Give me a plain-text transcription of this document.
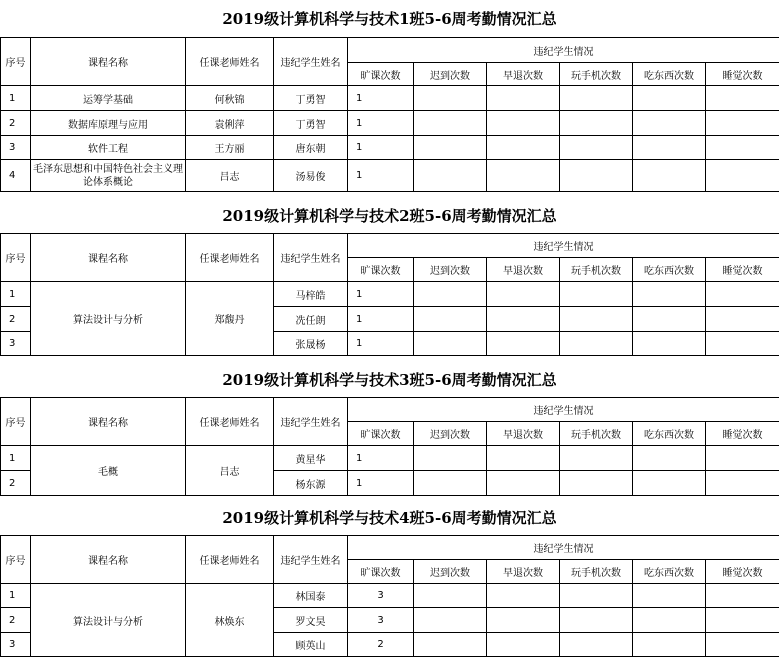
2019级计算机科学与技术1班5-6周考勤情况汇总
序号	课程名称	任课老师姓名	违纪学生姓名	违纪学生情况					
				旷课次数	迟到次数	早退次数	玩手机次数	吃东西次数	睡觉次数
1	运筹学基础	何秋锦	丁勇智	1					
2	数据库原理与应用	袁俐萍	丁勇智	1					
3	软件工程	王方丽	唐东朝	1					
4	毛泽东思想和中国特色社会主义理论体系概论	吕志	汤易俊	1					
2019级计算机科学与技术2班5-6周考勤情况汇总
序号	课程名称	任课老师姓名	违纪学生姓名	违纪学生情况					
				旷课次数	迟到次数	早退次数	玩手机次数	吃东西次数	睡觉次数
1	算法设计与分析	郑馥丹	马梓皓	1					
2			冼任朗	1					
3			张晟杨	1					
2019级计算机科学与技术3班5-6周考勤情况汇总
序号	课程名称	任课老师姓名	违纪学生姓名	违纪学生情况					
				旷课次数	迟到次数	早退次数	玩手机次数	吃东西次数	睡觉次数
1	毛概	吕志	黄星华	1					
2			杨东源	1					
2019级计算机科学与技术4班5-6周考勤情况汇总
序号	课程名称	任课老师姓名	违纪学生姓名	违纪学生情况					
				旷课次数	迟到次数	早退次数	玩手机次数	吃东西次数	睡觉次数
1	算法设计与分析	林焕东	林国泰	3					
2			罗文昊	3					
3			顾英山	2					
